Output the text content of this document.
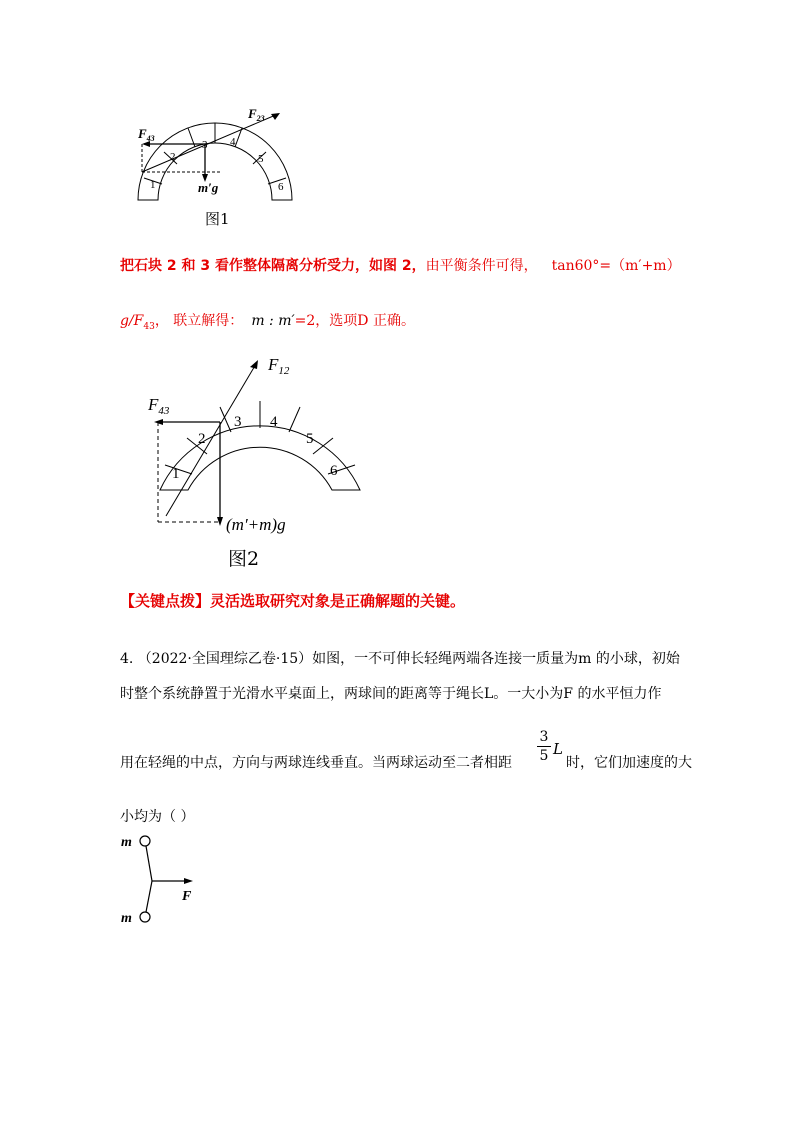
1
2
3 4
5
6
$F_{43}$
$F_{23}$
m′g
图1
把石块 2 和 3 看作整体隔离分析受力，如图 2，由平衡条件可得， tan60°=（m′+m）
$g/F_{43}$， 联立解得： m : m′=2，选项D 正确。
1
2
3 4
5
6
$F_{43}$
$F_{12}$
(m′+m)g
图2
【关键点拨】灵活选取研究对象是正确解题的关键。
4. （2022·全国理综乙卷·15）如图，一不可伸长轻绳两端各连接一质量为m 的小球，初始
时整个系统静置于光滑水平桌面上，两球间的距离等于绳长L。一大小为F 的水平恒力作
用在轻绳的中点，方向与两球连线垂直。当两球运动至二者相距
3
5 L
时，它们加速度的大
小均为（ ）
m
m
F
